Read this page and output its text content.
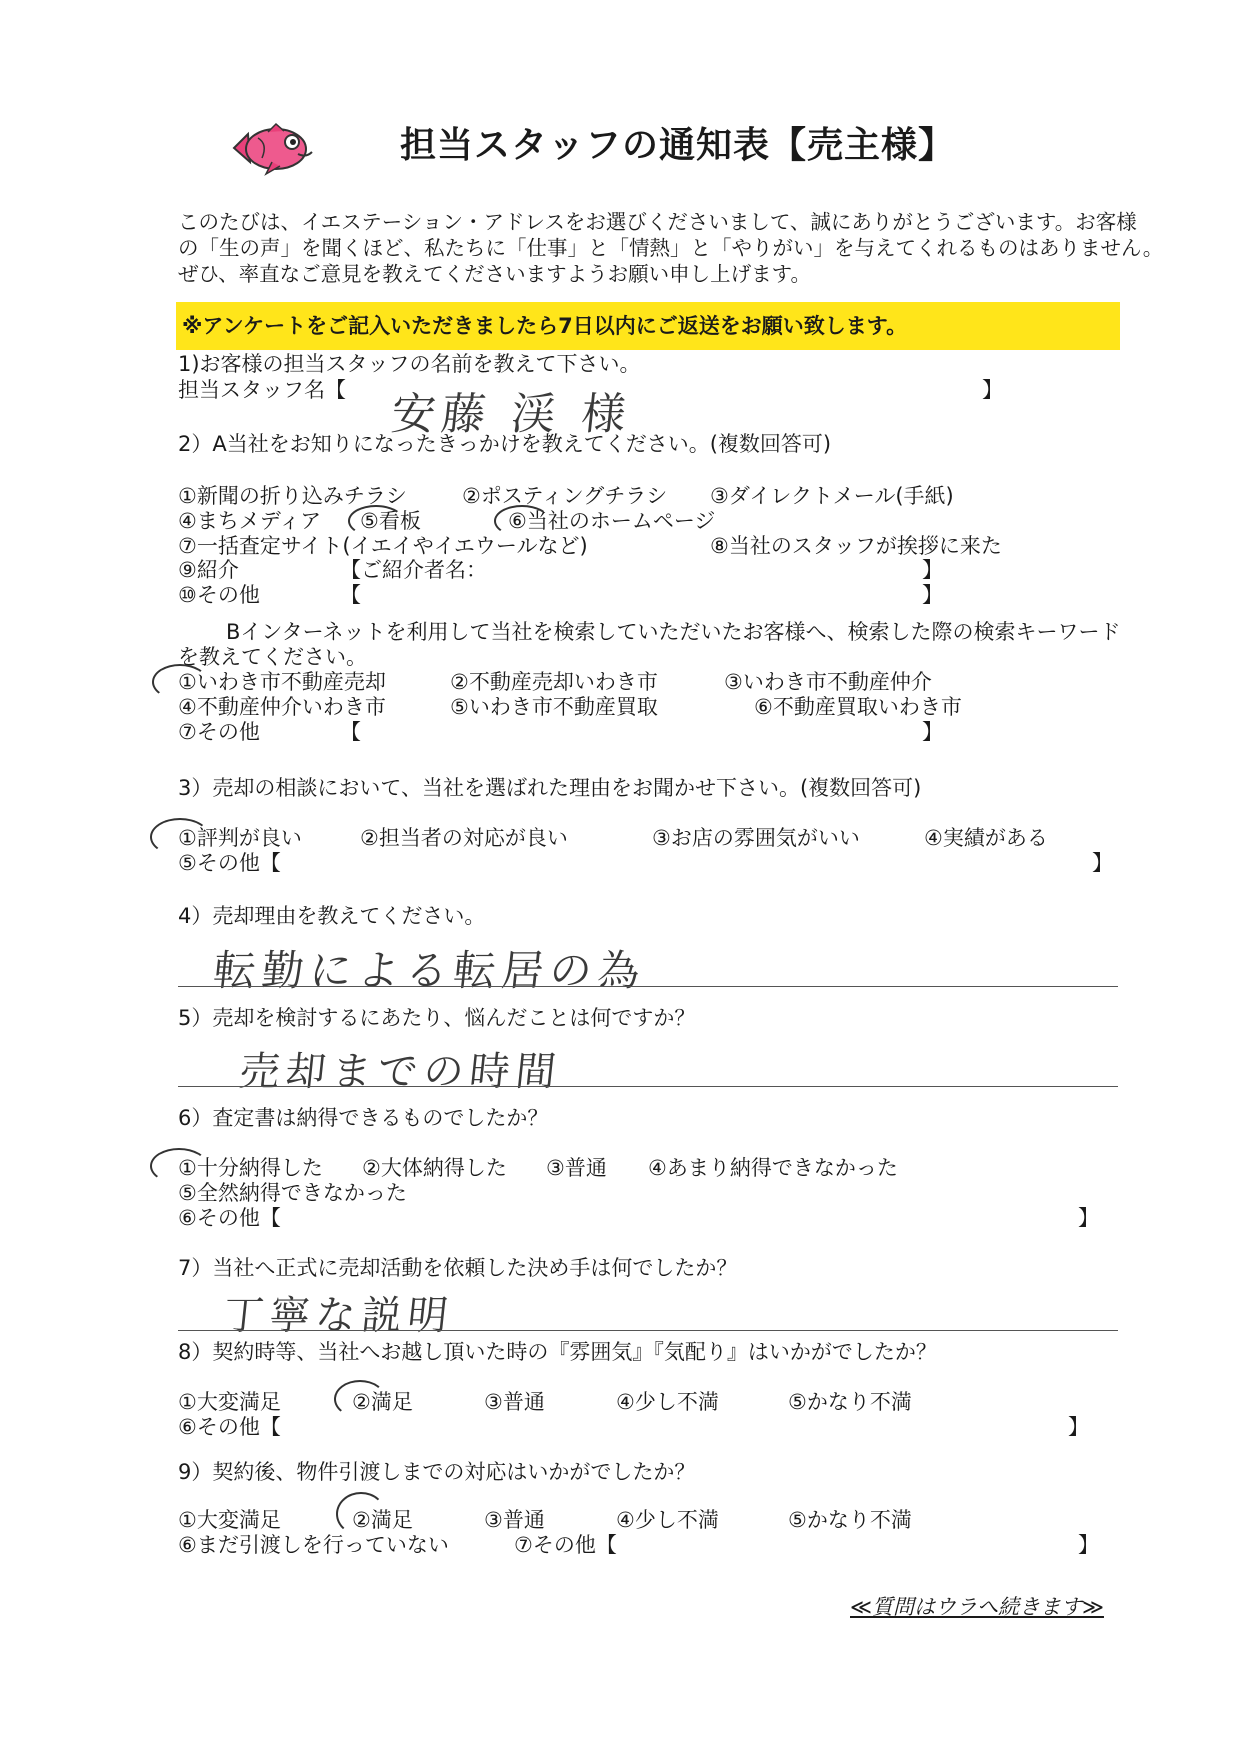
担当スタッフの通知表【売主様】
このたびは、イエステーション・アドレスをお選びくださいまして、誠にありがとうございます。お客様
の「生の声」を聞くほど、私たちに「仕事」と「情熱」と「やりがい」を与えてくれるものはありません。
ぜひ、率直なご意見を教えてくださいますようお願い申し上げます。
※アンケートをご記入いただきましたら7日以内にご返送をお願い致します。
1)お客様の担当スタッフの名前を教えて下さい。
担当スタッフ名【	】
安藤 渓 様
2）A当社をお知りになったきっかけを教えてください。(複数回答可)
①新聞の折り込みチラシ	②ポスティングチラシ ③ダイレクトメール(手紙)
④まちメディア ⑤看板	⑥当社のホームページ
⑦一括査定サイト(イエイやイエウールなど)	⑧当社のスタッフが挨拶に来た
⑨紹介	【ご紹介者名：	】
⑩その他	【	】
Bインターネットを利用して当社を検索していただいたお客様へ、検索した際の検索キーワード
を教えてください。
①いわき市不動産売却	②不動産売却いわき市	③いわき市不動産仲介
④不動産仲介いわき市	⑤いわき市不動産買取	⑥不動産買取いわき市
⑦その他	【	】
3）売却の相談において、当社を選ばれた理由をお聞かせ下さい。(複数回答可)
①評判が良い	②担当者の対応が良い	③お店の雰囲気がいい	④実績がある
⑤その他【	】
4）売却理由を教えてください。
転勤による転居の為
5）売却を検討するにあたり、悩んだことは何ですか？
売却までの時間
6）査定書は納得できるものでしたか？
①十分納得した ②大体納得した ③普通 ④あまり納得できなかった
⑤全然納得できなかった
⑥その他【	】
7）当社へ正式に売却活動を依頼した決め手は何でしたか？
丁寧な説明
8）契約時等、当社へお越し頂いた時の『雰囲気』『気配り』はいかがでしたか？
①大変満足	②満足	③普通	④少し不満	⑤かなり不満
⑥その他【	】
9）契約後、物件引渡しまでの対応はいかがでしたか？
①大変満足	②満足	③普通	④少し不満	⑤かなり不満
⑥まだ引渡しを行っていない	⑦その他【	】
≪質問はウラへ続きます≫
